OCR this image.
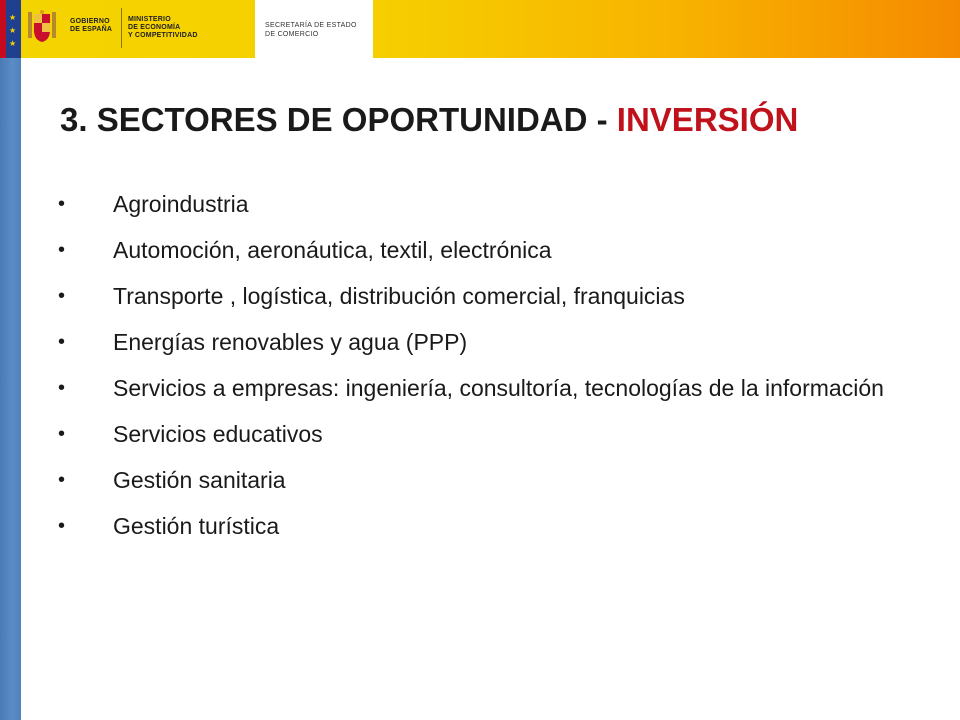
★
★
★
GOBIERNO
DE ESPAÑA
MINISTERIO
DE ECONOMÍA
Y COMPETITIVIDAD
SECRETARÍA DE ESTADO
DE COMERCIO
3. SECTORES DE OPORTUNIDAD - INVERSIÓN
•	Agroindustria
•	Automoción, aeronáutica, textil, electrónica
•	Transporte , logística, distribución comercial, franquicias
•	Energías renovables y agua (PPP)
•	Servicios a empresas: ingeniería, consultoría, tecnologías de la información
•	Servicios educativos
•	Gestión sanitaria
•	Gestión turística
